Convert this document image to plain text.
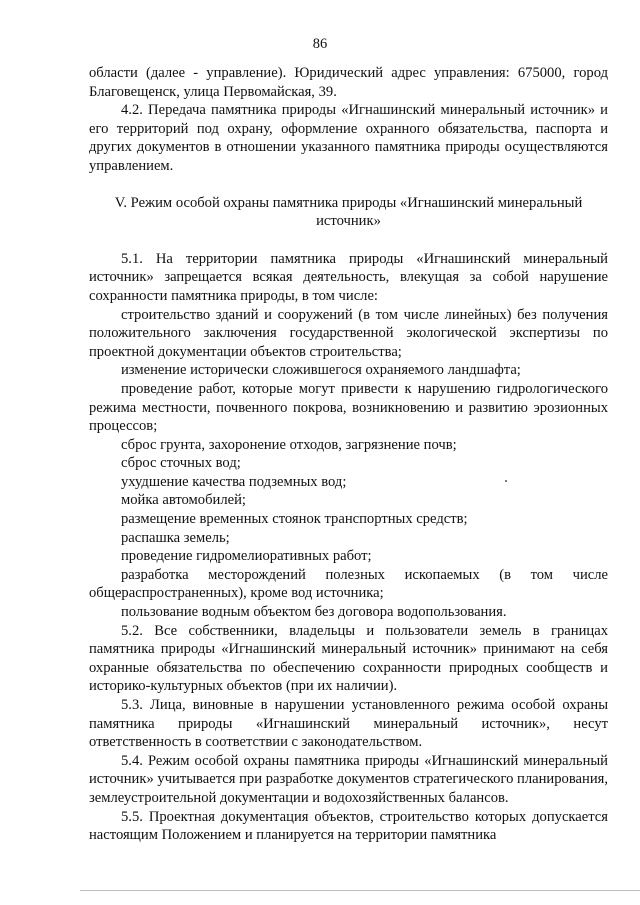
86

области (далее - управление). Юридический адрес управления: 675000, город Благовещенск, улица Первомайская, 39.

4.2. Передача памятника природы «Игнашинский минеральный источник» и его территорий под охрану, оформление охранного обязательства, паспорта и других документов в отношении указанного памятника природы осуществляются управлением.

V. Режим особой охраны памятника природы «Игнашинский минеральный источник»

5.1. На территории памятника природы «Игнашинский минеральный источник» запрещается всякая деятельность, влекущая за собой нарушение сохранности памятника природы, в том числе:

строительство зданий и сооружений (в том числе линейных) без получения положительного заключения государственной экологической экспертизы по проектной документации объектов строительства;

изменение исторически сложившегося охраняемого ландшафта;

проведение работ, которые могут привести к нарушению гидрологического режима местности, почвенного покрова, возникновению и развитию эрозионных процессов;

сброс грунта, захоронение отходов, загрязнение почв;

сброс сточных вод;

ухудшение качества подземных вод;

мойка автомобилей;

размещение временных стоянок транспортных средств;

распашка земель;

проведение гидромелиоративных работ;

разработка месторождений полезных ископаемых (в том числе общераспространенных), кроме вод источника;

пользование водным объектом без договора водопользования.

5.2. Все собственники, владельцы и пользователи земель в границах памятника природы «Игнашинский минеральный источник» принимают на себя охранные обязательства по обеспечению сохранности природных сообществ и историко-культурных объектов (при их наличии).

5.3. Лица, виновные в нарушении установленного режима особой охраны памятника природы «Игнашинский минеральный источник», несут ответственность в соответствии с законодательством.

5.4. Режим особой охраны памятника природы «Игнашинский минеральный источник» учитывается при разработке документов стратегического планирования, землеустроительной документации и водохозяйственных балансов.

5.5. Проектная документация объектов, строительство которых допускается настоящим Положением и планируется на территории памятника
